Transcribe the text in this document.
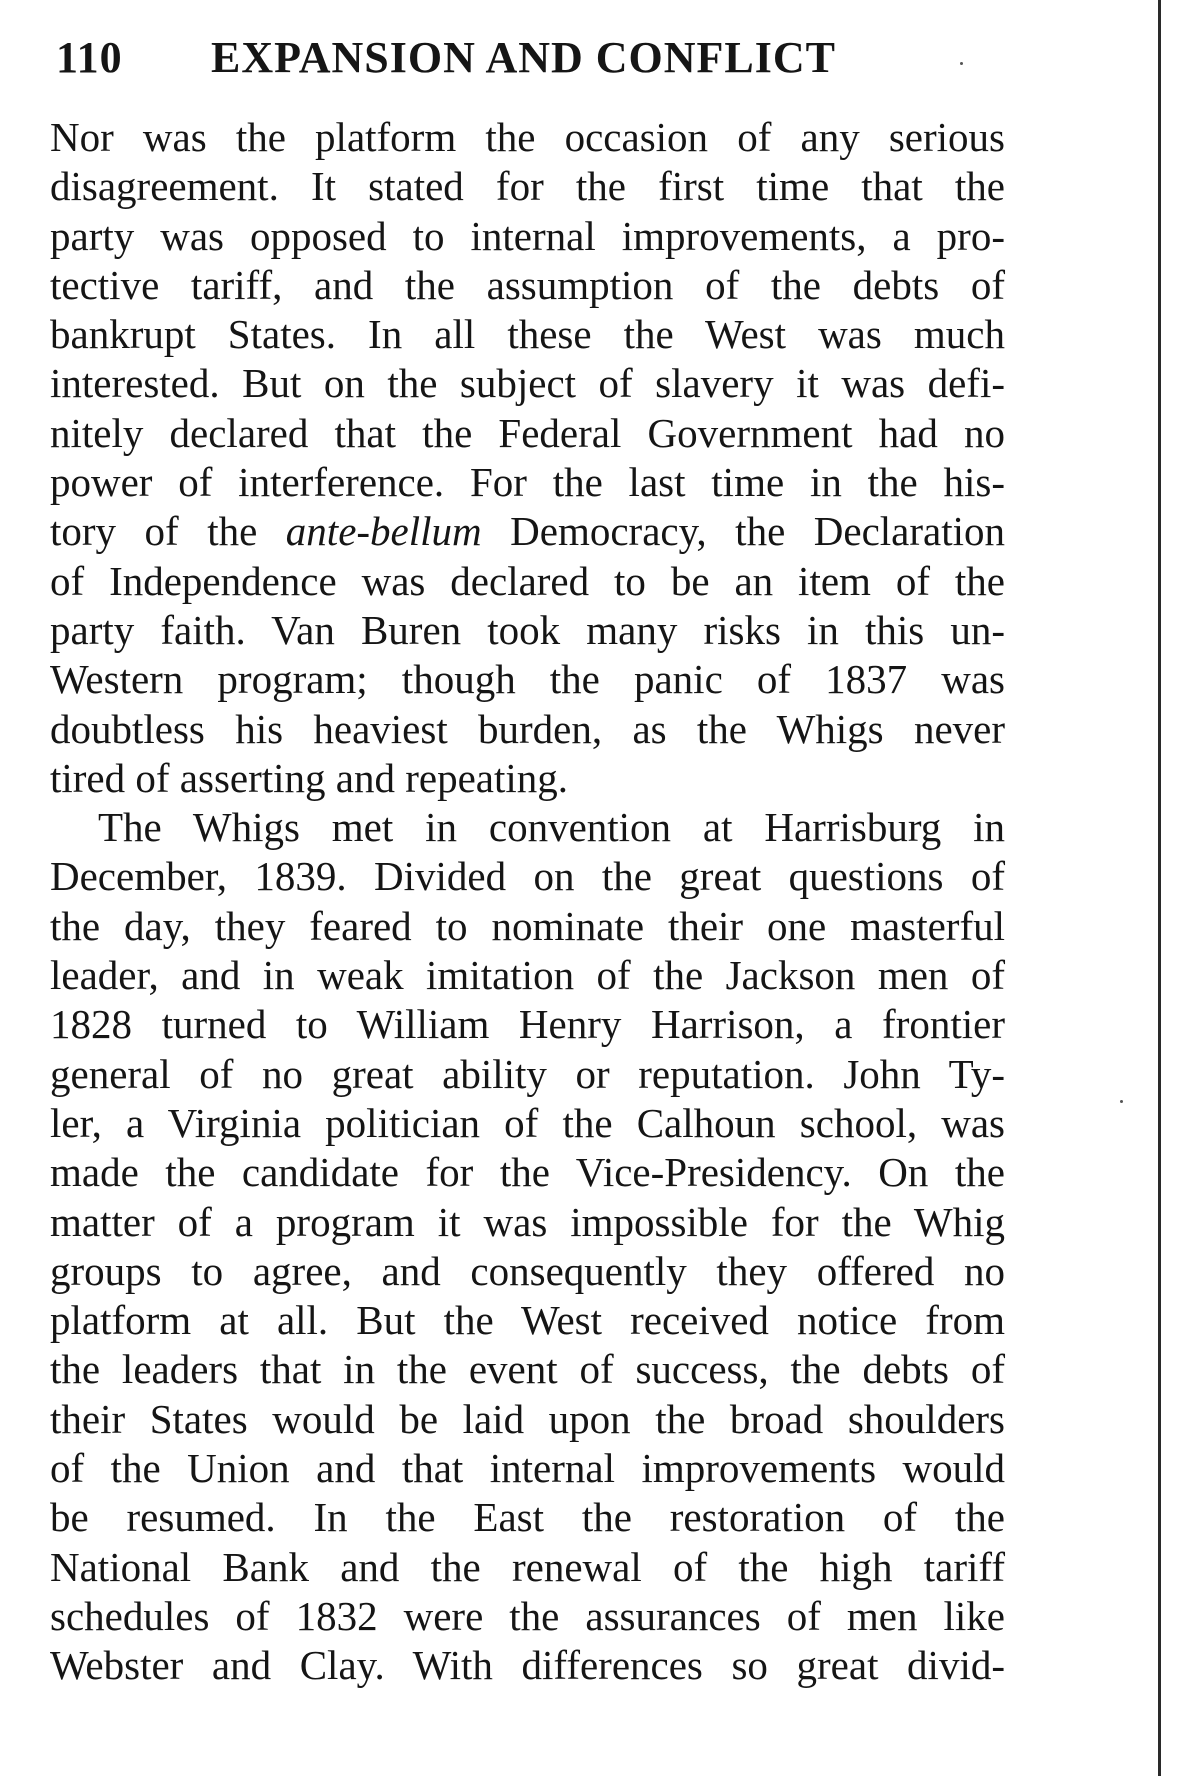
110 EXPANSION AND CONFLICT
Nor was the platform the occasion of any serious
disagreement. It stated for the first time that the
party was opposed to internal improvements, a pro-
tective tariff, and the assumption of the debts of
bankrupt States. In all these the West was much
interested. But on the subject of slavery it was defi-
nitely declared that the Federal Government had no
power of interference. For the last time in the his-
tory of the ante-bellum Democracy, the Declaration
of Independence was declared to be an item of the
party faith. Van Buren took many risks in this un-
Western program; though the panic of 1837 was
doubtless his heaviest burden, as the Whigs never
tired of asserting and repeating.
The Whigs met in convention at Harrisburg in
December, 1839. Divided on the great questions of
the day, they feared to nominate their one masterful
leader, and in weak imitation of the Jackson men of
1828 turned to William Henry Harrison, a frontier
general of no great ability or reputation. John Ty-
ler, a Virginia politician of the Calhoun school, was
made the candidate for the Vice-Presidency. On the
matter of a program it was impossible for the Whig
groups to agree, and consequently they offered no
platform at all. But the West received notice from
the leaders that in the event of success, the debts of
their States would be laid upon the broad shoulders
of the Union and that internal improvements would
be resumed. In the East the restoration of the
National Bank and the renewal of the high tariff
schedules of 1832 were the assurances of men like
Webster and Clay. With differences so great divid-
